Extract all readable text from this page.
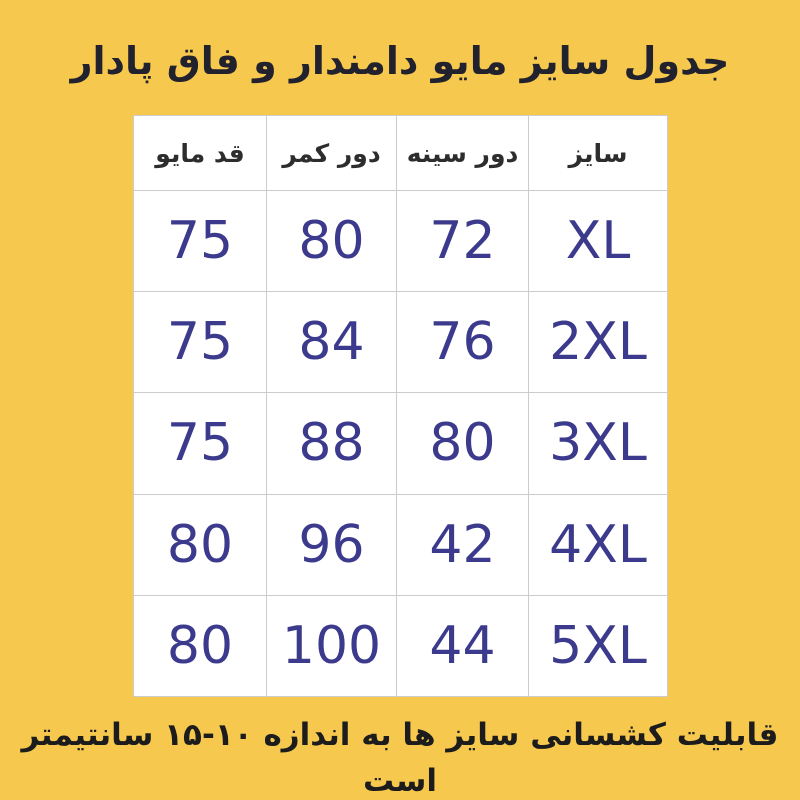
جدول سایز مایو دامندار و فاق پادار
سایز	دور سینه	دور کمر	قد مایو
XL	72	80	75
2XL	76	84	75
3XL	80	88	75
4XL	42	96	80
5XL	44	100	80

قابلیت کشسانی سایز ها به اندازه ۱۰-۱۵ سانتیمتر است
